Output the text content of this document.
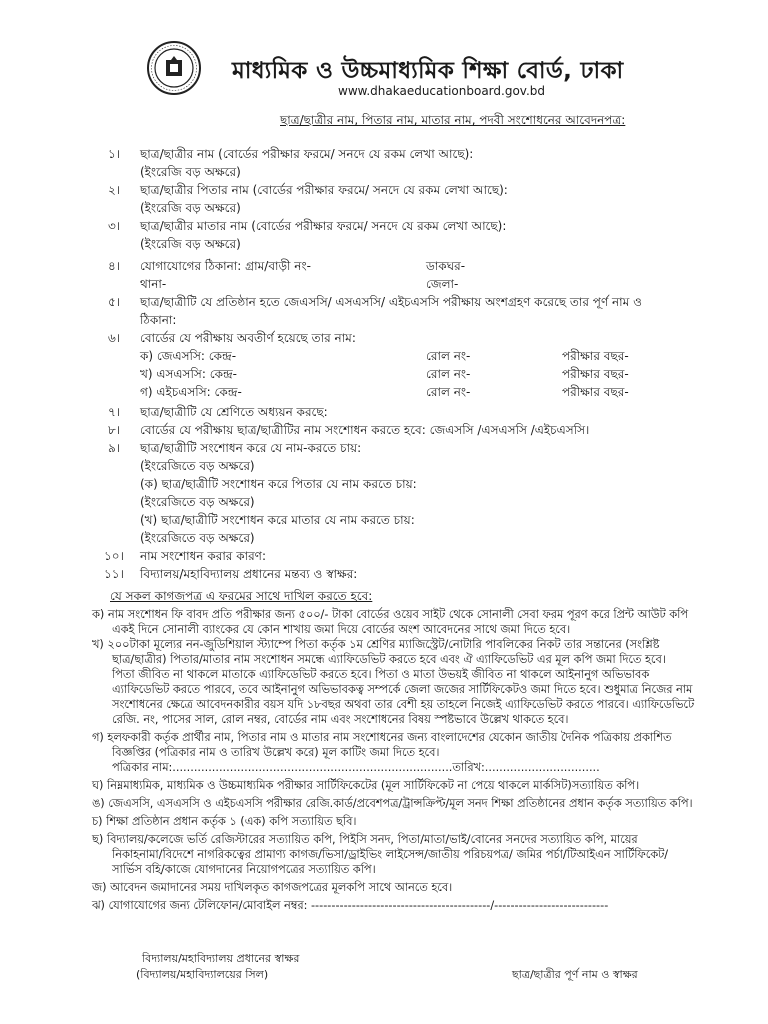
মাধ্যমিক ও উচ্চমাধ্যমিক শিক্ষা বোর্ড, ঢাকা
www.dhakaeducationboard.gov.bd
ছাত্র/ছাত্রীর নাম, পিতার নাম, মাতার নাম, পদবী সংশোধনের আবেদনপত্র:
১। ছাত্র/ছাত্রীর নাম (বোর্ডের পরীক্ষার ফরমে/ সনদে যে রকম লেখা আছে):
(ইংরেজি বড় অক্ষরে)
২। ছাত্র/ছাত্রীর পিতার নাম (বোর্ডের পরীক্ষার ফরমে/ সনদে যে রকম লেখা আছে):
(ইংরেজি বড় অক্ষরে)
৩। ছাত্র/ছাত্রীর মাতার নাম (বোর্ডের পরীক্ষার ফরমে/ সনদে যে রকম লেখা আছে):
(ইংরেজি বড় অক্ষরে)
৪। যোগাযোগের ঠিকানা: গ্রাম/বাড়ী নং-	ডাকঘর-
থানা-	জেলা-
৫। ছাত্র/ছাত্রীটি যে প্রতিষ্ঠান হতে জেএসসি/ এসএসসি/ এইচএসসি পরীক্ষায় অংশগ্রহণ করেছে তার পূর্ণ নাম ও
ঠিকানা:
৬। বোর্ডের যে পরীক্ষায় অবতীর্ণ হয়েছে তার নাম:
ক) জেএসসি: কেন্দ্র-	রোল নং-	পরীক্ষার বছর-
খ) এসএসসি: কেন্দ্র-	রোল নং-	পরীক্ষার বছর-
গ) এইচএসসি: কেন্দ্র-	রোল নং-	পরীক্ষার বছর-
৭। ছাত্র/ছাত্রীটি যে শ্রেণিতে অধ্যয়ন করছে:
৮। বোর্ডের যে পরীক্ষায় ছাত্র/ছাত্রীটির নাম সংশোধন করতে হবে: জেএসসি /এসএসসি /এইচএসসি।
৯। ছাত্র/ছাত্রীটি সংশোধন করে যে নাম-করতে চায়:
(ইংরেজিতে বড় অক্ষরে)
(ক) ছাত্র/ছাত্রীটি সংশোধন করে পিতার যে নাম করতে চায়:
(ইংরেজিতে বড় অক্ষরে)
(খ) ছাত্র/ছাত্রীটি সংশোধন করে মাতার যে নাম করতে চায়:
(ইংরেজিতে বড় অক্ষরে)
১০। নাম সংশোধন করার কারণ:
১১। বিদ্যালয়/মহাবিদ্যালয় প্রধানের মন্তব্য ও স্বাক্ষর:
যে সকল কাগজপত্র এ ফরমের সাথে দাখিল করতে হবে:
ক) নাম সংশোধন ফি বাবদ প্রতি পরীক্ষার জন্য ৫০০/- টাকা বোর্ডের ওয়েব সাইট থেকে সোনালী সেবা ফরম পূরণ করে প্রিন্ট আউট কপি
একই দিনে সোনালী ব্যাংকের যে কোন শাখায় জমা দিয়ে বোর্ডের অংশ আবেদনের সাথে জমা দিতে হবে।
খ) ২০০টাকা মূল্যের নন-জুডিশিয়াল স্ট্যাম্পে পিতা কর্তৃক ১ম শ্রেণির ম্যাজিস্ট্রেট/নোটারি পাবলিকের নিকট তার সন্তানের (সংশ্লিষ্ট
ছাত্র/ছাত্রীর) পিতার/মাতার নাম সংশোধন সমন্ধে এ্যাফিডেভিট করতে হবে এবং ঐ এ্যাফিডেভিট এর মূল কপি জমা দিতে হবে।
পিতা জীবিত না থাকলে মাতাকে এ্যাফিডেভিট করতে হবে। পিতা ও মাতা উভয়ই জীবিত না থাকলে আইনানুগ অভিভাবক
এ্যাফিডেভিট করতে পারবে, তবে আইনানুগ অভিভাবকত্ব সম্পর্কে জেলা জজের সার্টিফিকেটও জমা দিতে হবে। শুধুমাত্র নিজের নাম
সংশোধনের ক্ষেত্রে আবেদনকারীর বয়স যদি ১৮বছর অথবা তার বেশী হয় তাহলে নিজেই এ্যাফিডেভিট করতে পারবে। এ্যাফিডেভিটে
রেজি. নং, পাসের সাল, রোল নম্বর, বোর্ডের নাম এবং সংশোধনের বিষয় স্পষ্টভাবে উল্লেখ থাকতে হবে।
গ) হলফকারী কর্তৃক প্রার্থীর নাম, পিতার নাম ও মাতার নাম সংশোধনের জন্য বাংলাদেশের যেকোন জাতীয় দৈনিক পত্রিকায় প্রকাশিত
বিজ্ঞপ্তির (পত্রিকার নাম ও তারিখ উল্লেখ করে) মূল কাটিং জমা দিতে হবে।
পত্রিকার নাম:..............................................................................তারিখ:................................
ঘ) নিম্নমাধ্যমিক, মাধ্যমিক ও উচ্চমাধ্যমিক পরীক্ষার সার্টিফিকেটের (মূল সার্টিফিকেট না পেয়ে থাকলে মার্কসিট)সত্যায়িত কপি।
ঙ) জেএসসি, এসএসসি ও এইচএসসি পরীক্ষার রেজি.কার্ড/প্রবেশপত্র/ট্রান্সক্রিপ্ট/মূল সনদ শিক্ষা প্রতিষ্ঠানের প্রধান কর্তৃক সত্যায়িত কপি।
চ) শিক্ষা প্রতিষ্ঠান প্রধান কর্তৃক ১ (এক) কপি সত্যায়িত ছবি।
ছ) বিদ্যালয়/কলেজে ভর্তি রেজিস্টারের সত্যায়িত কপি, পিইসি সনদ, পিতা/মাতা/ভাই/বোনের সনদের সত্যায়িত কপি, মায়ের
নিকাহনামা/বিদেশে নাগরিকত্বের প্রামাণ্য কাগজ/ভিসা/ড্রাইভিং লাইসেন্স/জাতীয় পরিচয়পত্র/ জমির পর্চা/টিআইএন সার্টিফিকেট/
সার্ভিস বহি/কাজে যোগদানের নিয়োগপত্রের সত্যায়িত কপি।
জ) আবেদন জমাদানের সময় দাখিলকৃত কাগজপত্রের মূলকপি সাথে আনতে হবে।
ঝ) যোগাযোগের জন্য টেলিফোন/মোবাইল নম্বর: --------------------------------------------/----------------------------
বিদ্যালয়/মহাবিদ্যালয় প্রধানের স্বাক্ষর
(বিদ্যালয়/মহাবিদ্যালয়ের সিল)	ছাত্র/ছাত্রীর পূর্ণ নাম ও স্বাক্ষর
